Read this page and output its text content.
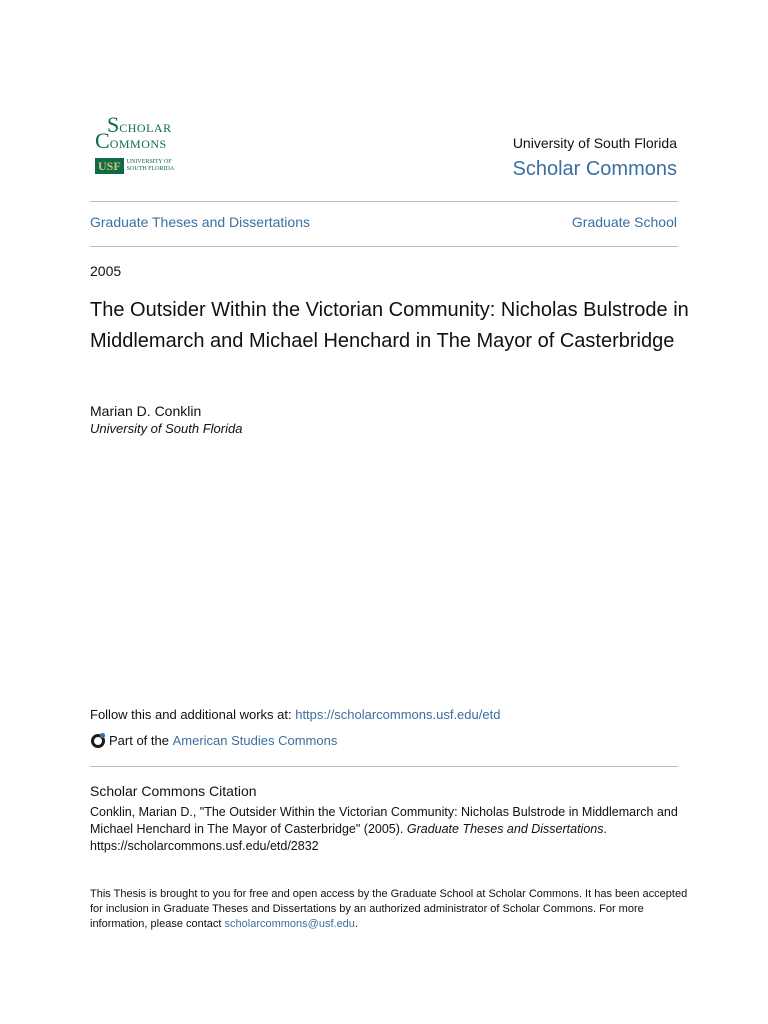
SCHOLAR
COMMONS
USF	UNIVERSITY OF
SOUTH FLORIDA
University of South Florida
Scholar Commons
Graduate Theses and Dissertations	Graduate School
2005
The Outsider Within the Victorian Community: Nicholas Bulstrode in Middlemarch and Michael Henchard in The Mayor of Casterbridge
Marian D. Conklin
University of South Florida
Follow this and additional works at: https://scholarcommons.usf.edu/etd
Part of the
American Studies Commons
Scholar Commons Citation
Conklin, Marian D., "The Outsider Within the Victorian Community: Nicholas Bulstrode in Middlemarch and Michael Henchard in The Mayor of Casterbridge" (2005). Graduate Theses and Dissertations.
https://scholarcommons.usf.edu/etd/2832
This Thesis is brought to you for free and open access by the Graduate School at Scholar Commons. It has been accepted for inclusion in Graduate Theses and Dissertations by an authorized administrator of Scholar Commons. For more information, please contact scholarcommons@usf.edu.
